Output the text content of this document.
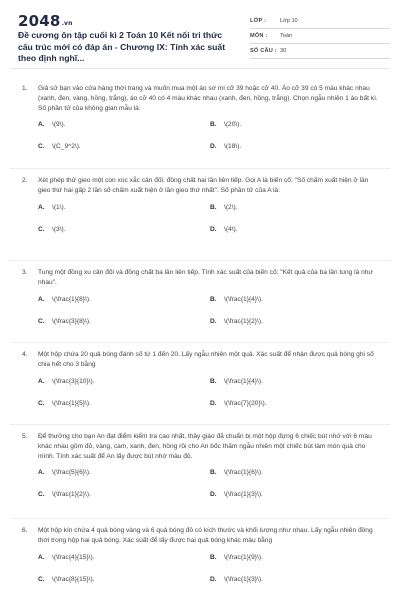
2048.vn
Đề cương ôn tập cuối kì 2 Toán 10 Kết nối tri thức cấu trúc mới có đáp án - Chương IX: Tính xác suất theo định nghĩ...
LỚP :	Lớp 10
MÔN :	Toán
SỐ CÂU : 30
1.	Giả sử bạn vào cửa hàng thời trang và muốn mua một áo sơ mi cỡ 39 hoặc cỡ 40. Áo cỡ 39 có 5 màu khác nhau (xanh, đen, vàng, hồng, trắng), áo cỡ 40 có 4 màu khác nhau (xanh, đen, hồng, trắng). Chọn ngẫu nhiên 1 áo bất kì. Số phần tử của không gian mẫu là:
A.	\(9\).	B.	\(20\).
C.	\(C_9^2\).	D.	\(18\).
2.	Xét phép thử gieo một con xúc xắc cân đối, đồng chất hai lần liên tiếp. Gọi A là biến cố: "Số chấm xuất hiện ở lần gieo thứ hai gấp 2 lần số chấm xuất hiện ở lần gieo thứ nhất". Số phần tử của A là:
A.	\(1\).	B.	\(2\).
C.	\(3\).	D.	\(4\).
3.	Tung một đồng xu cân đối và đồng chất ba lần liên tiếp. Tính xác suất của biến cố: "Kết quả của ba lần tung là như nhau".
A.	\(\frac{1}{8}\).	B.	\(\frac{1}{4}\).
C.	\(\frac{3}{8}\).	D.	\(\frac{1}{2}\).
4.	Một hộp chứa 20 quả bóng đánh số từ 1 đến 20. Lấy ngẫu nhiên một quả. Xác suất để nhận được quả bóng ghi số chia hết cho 3 bằng
A.	\(\frac{3}{10}\).	B.	\(\frac{1}{4}\).
C.	\(\frac{1}{5}\).	D.	\(\frac{7}{20}\).
5.	Để thưởng cho bạn An đạt điểm kiểm tra cao nhất, thầy giáo đã chuẩn bị một hộp đựng 6 chiếc bút nhớ với 6 màu khác nhau gồm đỏ, vàng, cam, xanh, đen, hồng rồi cho An bốc thăm ngẫu nhiên một chiếc bút làm món quà cho mình. Tính xác suất để An lấy được bút nhớ màu đỏ.
A.	\(\frac{5}{6}\).	B.	\(\frac{1}{6}\).
C.	\(\frac{1}{2}\).	D.	\(\frac{1}{3}\).
6.	Một hộp kín chứa 4 quả bóng vàng và 6 quả bóng đỏ có kích thước và khối lượng như nhau. Lấy ngẫu nhiên đồng thời trong hộp hai quả bóng. Xác suất để lấy được hai quả bóng khác màu bằng
A.	\(\frac{4}{15}\).	B.	\(\frac{1}{9}\).
C.	\(\frac{8}{15}\).	D.	\(\frac{1}{3}\).
